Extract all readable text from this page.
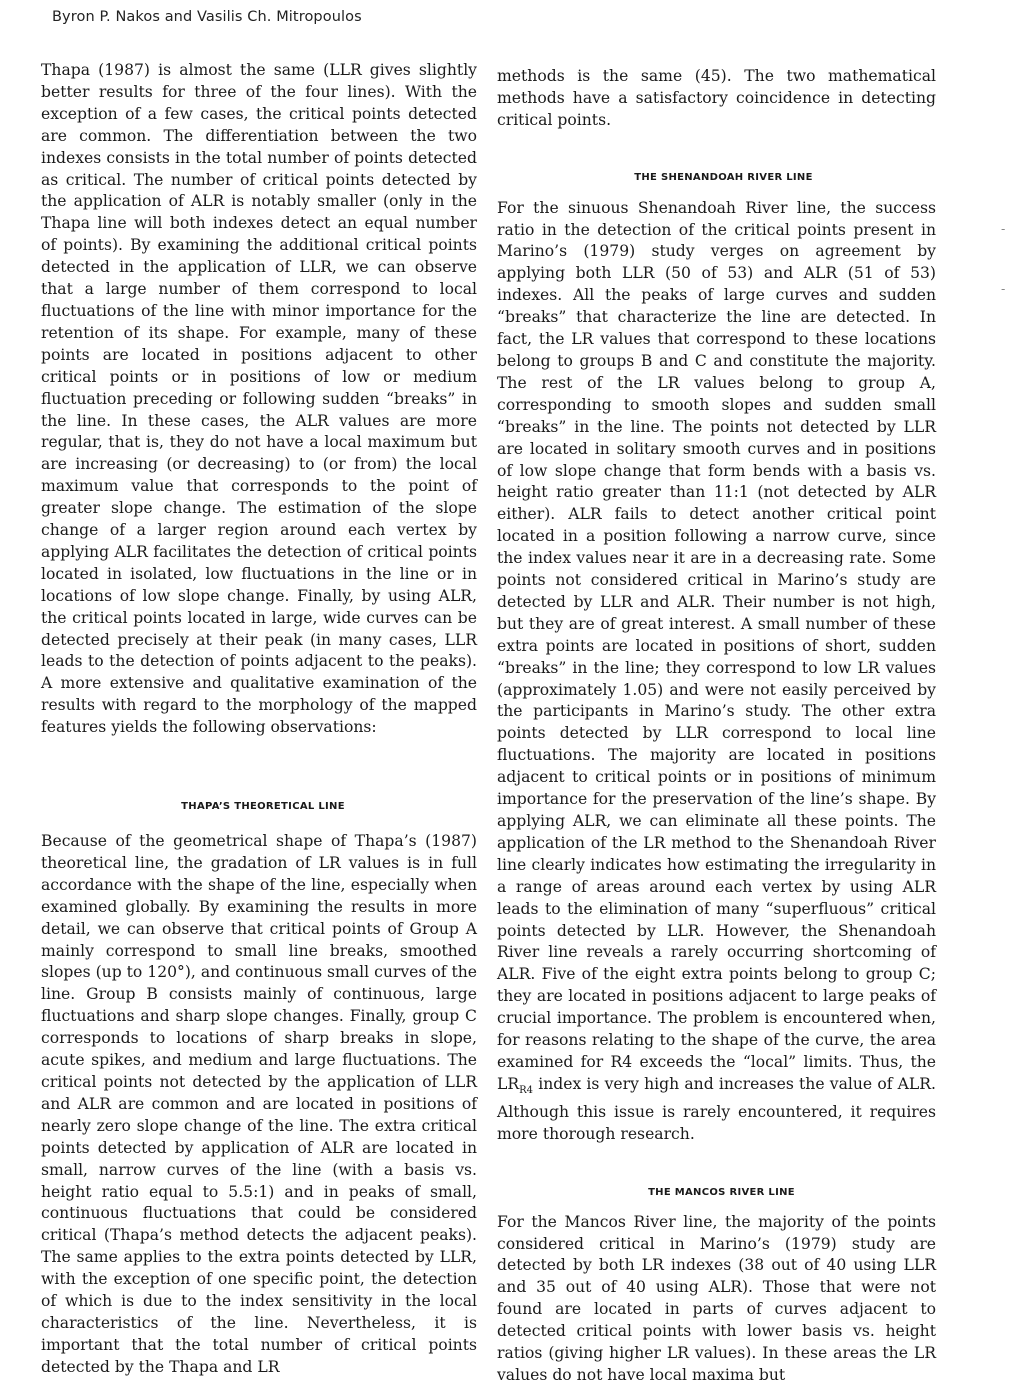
Byron P. Nakos and Vasilis Ch. Mitropoulos

Thapa (1987) is almost the same (LLR gives slightly better results for three of the four lines). With the exception of a few cases, the critical points detected are common. The differentiation between the two indexes consists in the total number of points detected as critical. The number of critical points detected by the application of ALR is notably smaller (only in the Thapa line will both indexes detect an equal number of points). By examining the additional critical points detected in the application of LLR, we can observe that a large number of them correspond to local fluctuations of the line with minor importance for the retention of its shape. For example, many of these points are located in positions adjacent to other critical points or in positions of low or medium fluctuation preceding or following sudden “breaks” in the line. In these cases, the ALR values are more regular, that is, they do not have a local maximum but are increasing (or decreasing) to (or from) the local maximum value that corresponds to the point of greater slope change. The estimation of the slope change of a larger region around each vertex by applying ALR facilitates the detection of critical points located in isolated, low fluctuations in the line or in locations of low slope change. Finally, by using ALR, the critical points located in large, wide curves can be detected precisely at their peak (in many cases, LLR leads to the detection of points adjacent to the peaks). A more extensive and qualitative examination of the results with regard to the morphology of the mapped features yields the following observations:

THAPA’S THEORETICAL LINE

Because of the geometrical shape of Thapa’s (1987) theoretical line, the gradation of LR values is in full accordance with the shape of the line, especially when examined globally. By examining the results in more detail, we can observe that critical points of Group A mainly correspond to small line breaks, smoothed slopes (up to 120°), and continuous small curves of the line. Group B consists mainly of continuous, large fluctuations and sharp slope changes. Finally, group C corresponds to locations of sharp breaks in slope, acute spikes, and medium and large fluctuations. The critical points not detected by the application of LLR and ALR are common and are located in positions of nearly zero slope change of the line. The extra critical points detected by application of ALR are located in small, narrow curves of the line (with a basis vs. height ratio equal to 5.5:1) and in peaks of small, continuous fluctuations that could be considered critical (Thapa’s method detects the adjacent peaks). The same applies to the extra points detected by LLR, with the exception of one specific point, the detection of which is due to the index sensitivity in the local characteristics of the line. Nevertheless, it is important that the total number of critical points detected by the Thapa and LR

methods is the same (45). The two mathematical methods have a satisfactory coincidence in detecting critical points.

THE SHENANDOAH RIVER LINE

For the sinuous Shenandoah River line, the success ratio in the detection of the critical points present in Marino’s (1979) study verges on agreement by applying both LLR (50 of 53) and ALR (51 of 53) indexes. All the peaks of large curves and sudden “breaks” that characterize the line are detected. In fact, the LR values that correspond to these locations belong to groups B and C and constitute the majority. The rest of the LR values belong to group A, corresponding to smooth slopes and sudden small “breaks” in the line. The points not detected by LLR are located in solitary smooth curves and in positions of low slope change that form bends with a basis vs. height ratio greater than 11:1 (not detected by ALR either). ALR fails to detect another critical point located in a position following a narrow curve, since the index values near it are in a decreasing rate. Some points not considered critical in Marino’s study are detected by LLR and ALR. Their number is not high, but they are of great interest. A small number of these extra points are located in positions of short, sudden “breaks” in the line; they correspond to low LR values (approximately 1.05) and were not easily perceived by the participants in Marino’s study. The other extra points detected by LLR correspond to local line fluctuations. The majority are located in positions adjacent to critical points or in positions of minimum importance for the preservation of the line’s shape. By applying ALR, we can eliminate all these points. The application of the LR method to the Shenandoah River line clearly indicates how estimating the irregularity in a range of areas around each vertex by using ALR leads to the elimination of many “superfluous” critical points detected by LLR. However, the Shenandoah River line reveals a rarely occurring shortcoming of ALR. Five of the eight extra points belong to group C; they are located in positions adjacent to large peaks of crucial importance. The problem is encountered when, for reasons relating to the shape of the curve, the area examined for R4 exceeds the “local” limits. Thus, the $LR_{R4}$ index is very high and increases the value of ALR. Although this issue is rarely encountered, it requires more thorough research.

THE MANCOS RIVER LINE

For the Mancos River line, the majority of the points considered critical in Marino’s (1979) study are detected by both LR indexes (38 out of 40 using LLR and 35 out of 40 using ALR). Those that were not found are located in parts of curves adjacent to detected critical points with lower basis vs. height ratios (giving higher LR values). In these areas the LR values do not have local maxima but

-
-
